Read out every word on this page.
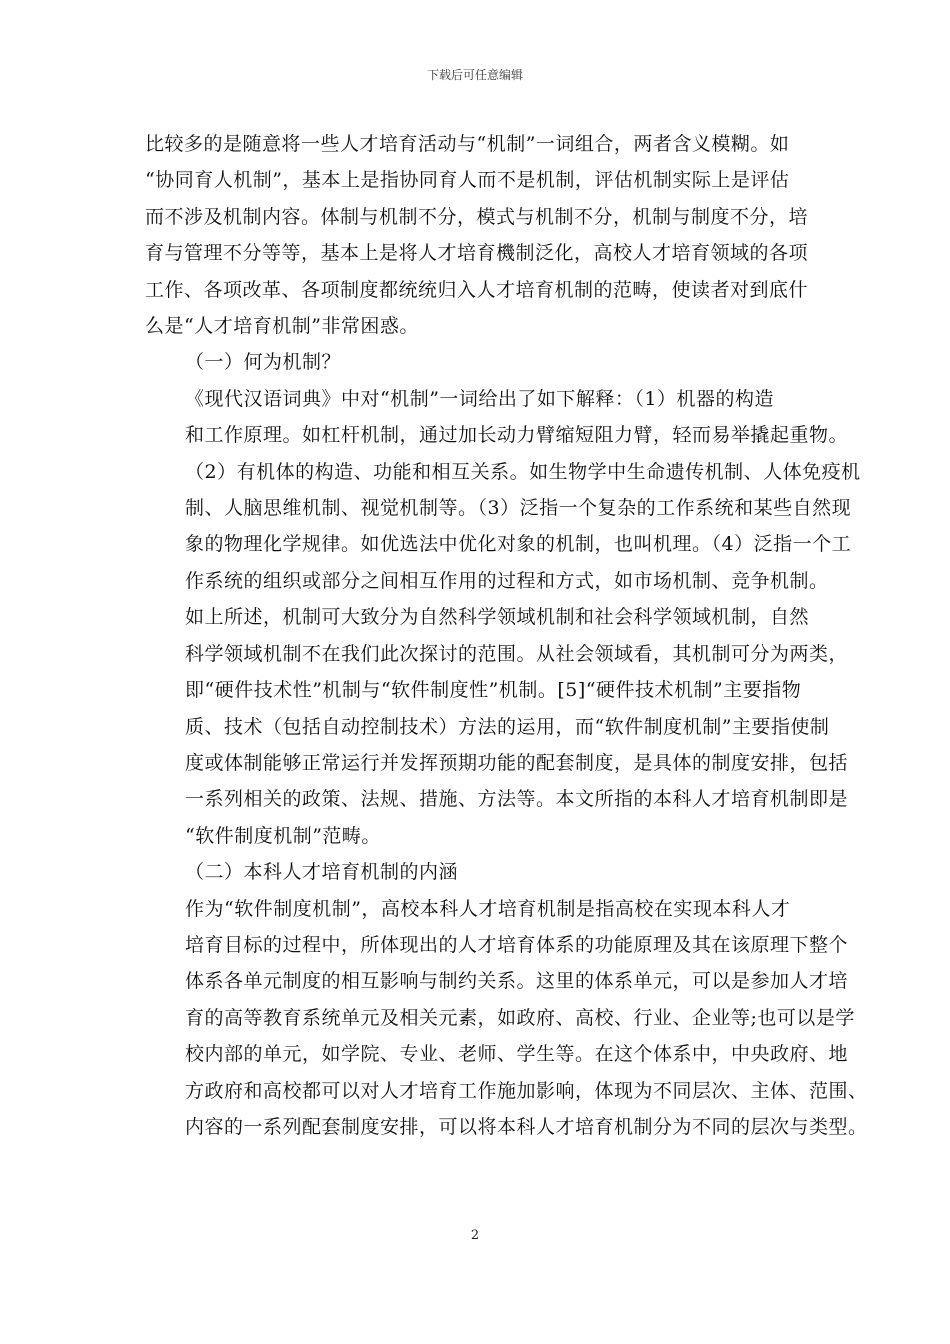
下载后可任意编辑

比较多的是随意将一些人才培育活动与“机制”一词组合，两者含义模糊。如
“协同育人机制”，基本上是指协同育人而不是机制，评估机制实际上是评估
而不涉及机制内容。体制与机制不分，模式与机制不分，机制与制度不分，培
育与管理不分等等，基本上是将人才培育機制泛化，高校人才培育领域的各项
工作、各项改革、各项制度都统统归入人才培育机制的范畴，使读者对到底什
么是“人才培育机制”非常困惑。

（一）何为机制？

《现代汉语词典》中对“机制”一词给出了如下解释：（1）机器的构造
和工作原理。如杠杆机制，通过加长动力臂缩短阻力臂，轻而易举撬起重物。
（2）有机体的构造、功能和相互关系。如生物学中生命遗传机制、人体免疫机
制、人脑思维机制、视觉机制等。（3）泛指一个复杂的工作系统和某些自然现
象的物理化学规律。如优选法中优化对象的机制，也叫机理。（4）泛指一个工
作系统的组织或部分之间相互作用的过程和方式，如市场机制、竞争机制。

如上所述，机制可大致分为自然科学领域机制和社会科学领域机制，自然
科学领域机制不在我们此次探讨的范围。从社会领域看，其机制可分为两类，
即“硬件技术性”机制与“软件制度性”机制。[5]“硬件技术机制”主要指物
质、技术（包括自动控制技术）方法的运用，而“软件制度机制”主要指使制
度或体制能够正常运行并发挥预期功能的配套制度，是具体的制度安排，包括
一系列相关的政策、法规、措施、方法等。本文所指的本科人才培育机制即是
“软件制度机制”范畴。

（二）本科人才培育机制的内涵

作为“软件制度机制”，高校本科人才培育机制是指高校在实现本科人才
培育目标的过程中，所体现出的人才培育体系的功能原理及其在该原理下整个
体系各单元制度的相互影响与制约关系。这里的体系单元，可以是参加人才培
育的高等教育系统单元及相关元素，如政府、高校、行业、企业等;也可以是学
校内部的单元，如学院、专业、老师、学生等。在这个体系中，中央政府、地
方政府和高校都可以对人才培育工作施加影响，体现为不同层次、主体、范围、
内容的一系列配套制度安排，可以将本科人才培育机制分为不同的层次与类型。

2
